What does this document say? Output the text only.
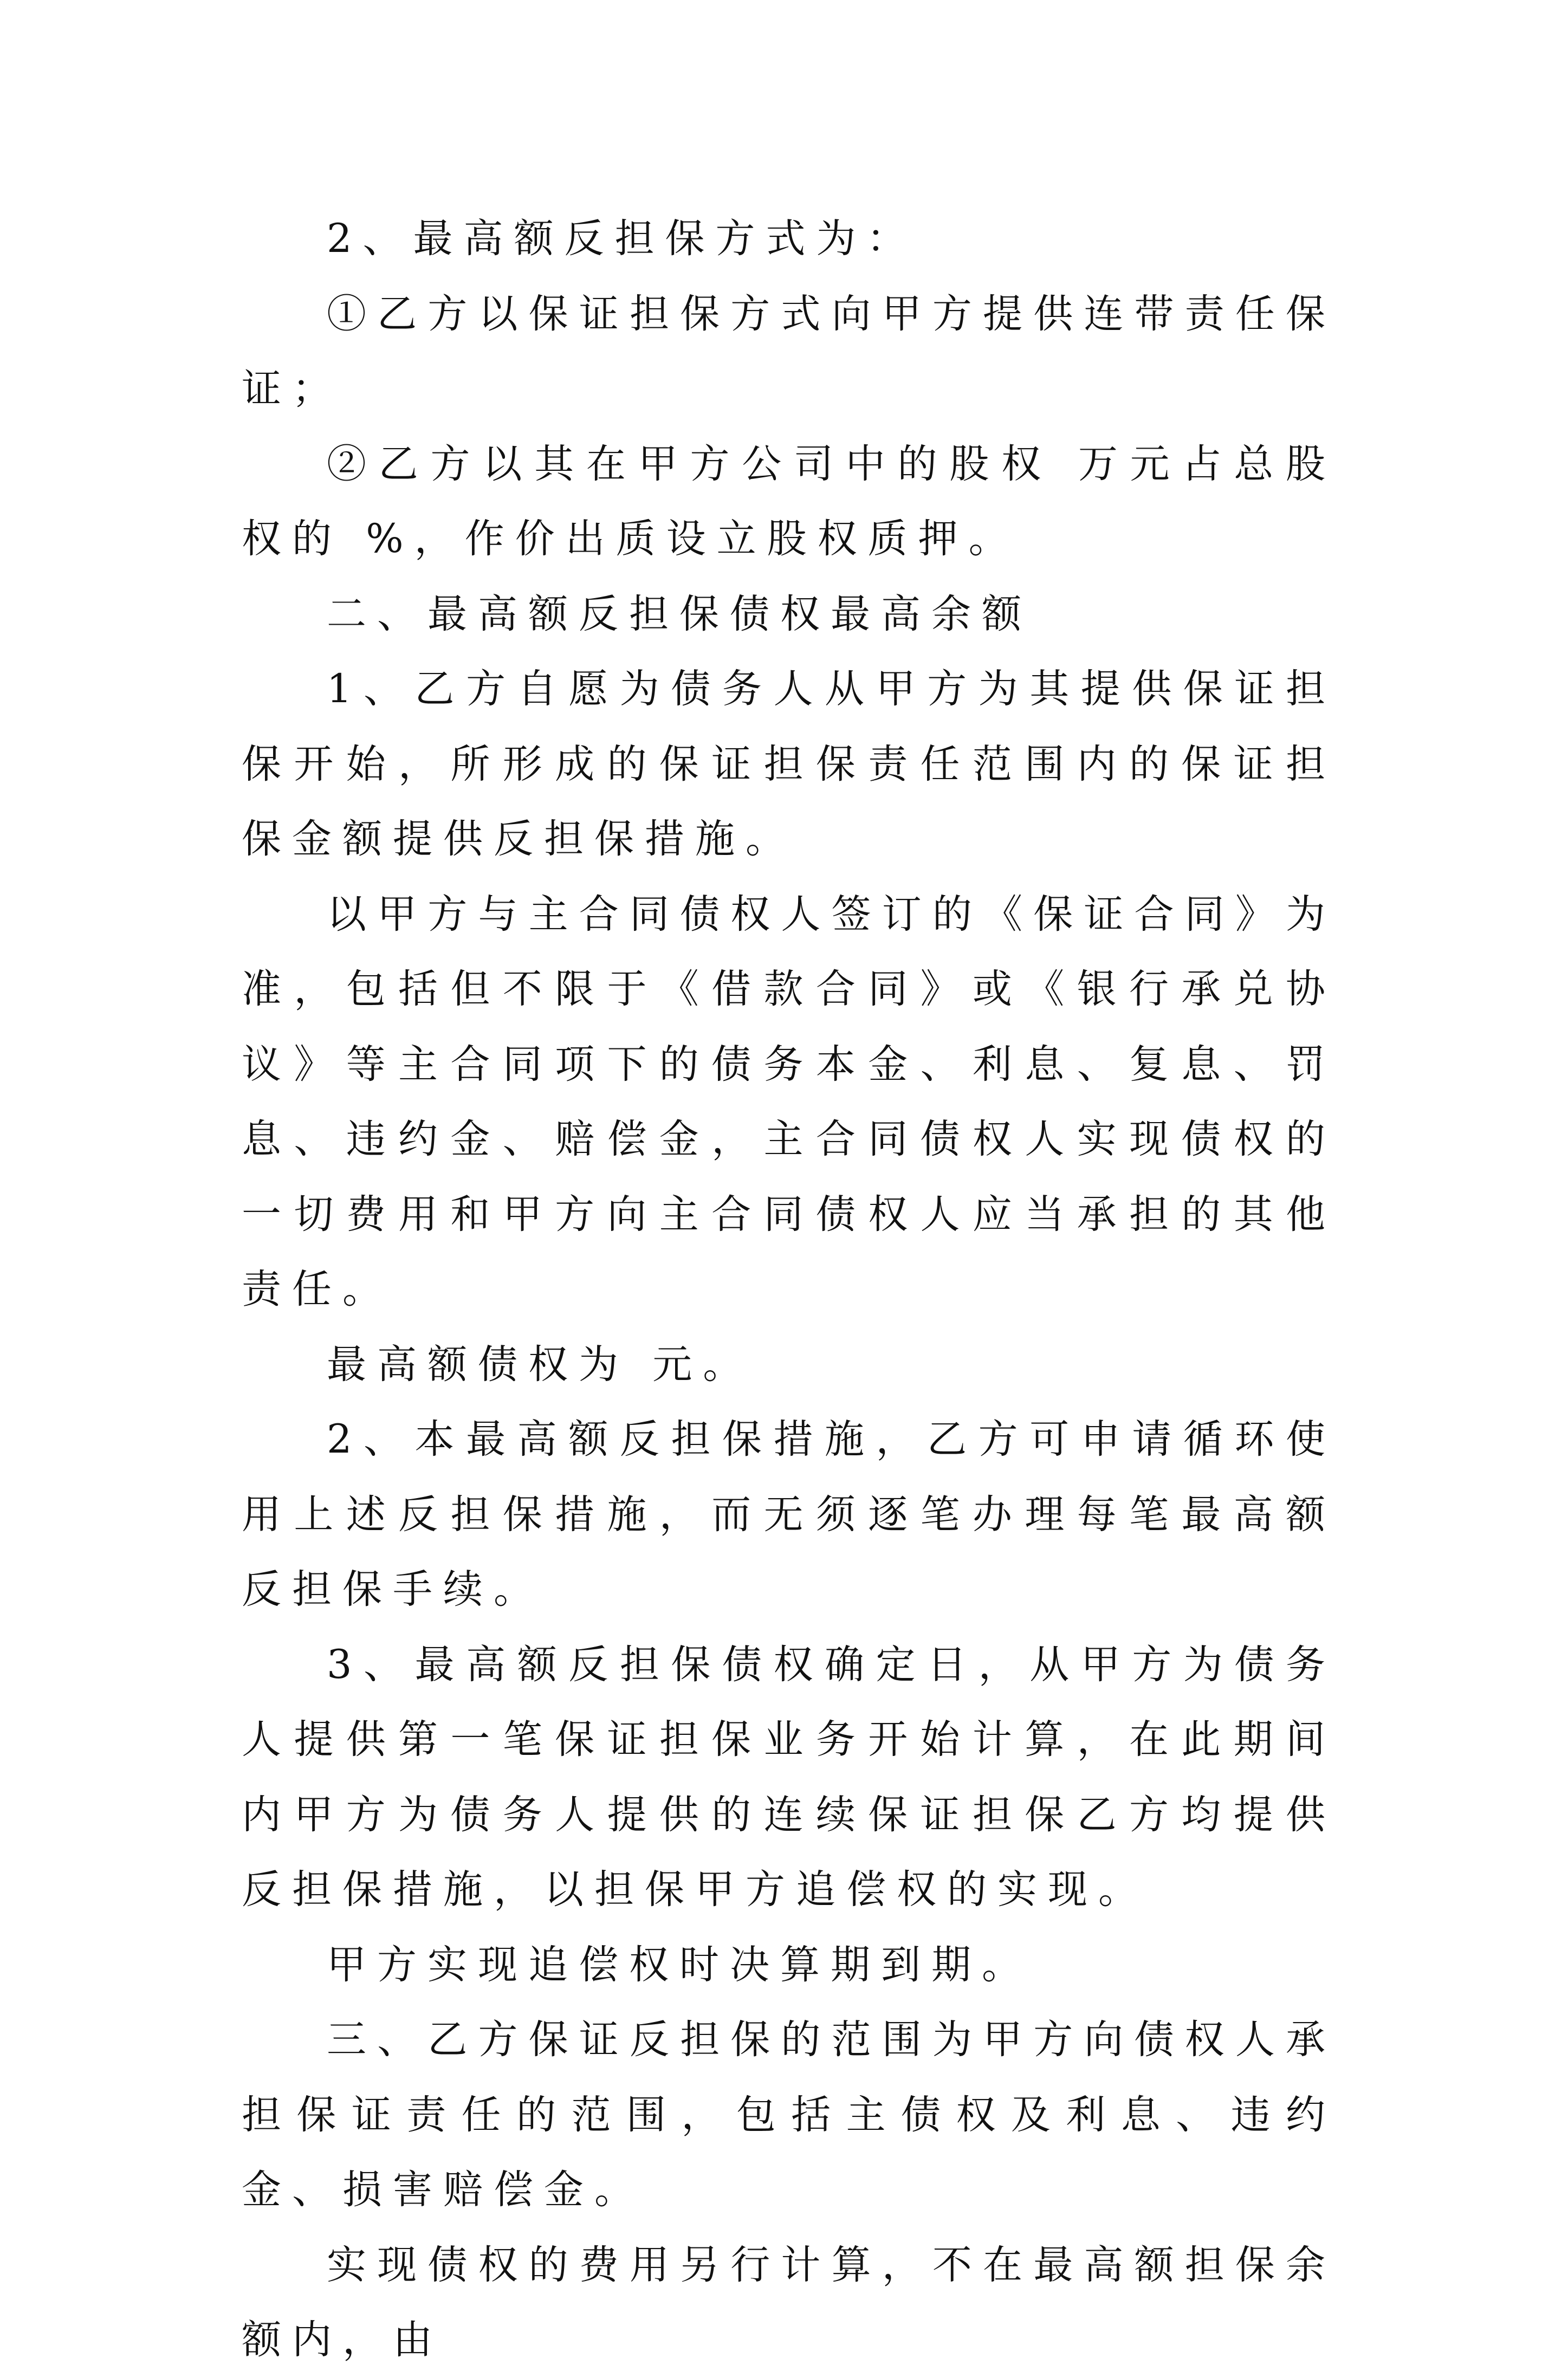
2、最高额反担保方式为：

①乙方以保证担保方式向甲方提供连带责任保证；

②乙方以其在甲方公司中的股权 万元占总股权的 %，作价出质设立股权质押。

二、最高额反担保债权最高余额

1、乙方自愿为债务人从甲方为其提供保证担保开始，所形成的保证担保责任范围内的保证担保金额提供反担保措施。

以甲方与主合同债权人签订的《保证合同》为准，包括但不限于《借款合同》或《银行承兑协议》等主合同项下的债务本金、利息、复息、罚息、违约金、赔偿金，主合同债权人实现债权的一切费用和甲方向主合同债权人应当承担的其他责任。

最高额债权为 元。

2、本最高额反担保措施，乙方可申请循环使用上述反担保措施，而无须逐笔办理每笔最高额反担保手续。

3、最高额反担保债权确定日，从甲方为债务人提供第一笔保证担保业务开始计算，在此期间内甲方为债务人提供的连续保证担保乙方均提供反担保措施，以担保甲方追偿权的实现。

甲方实现追偿权时决算期到期。

三、乙方保证反担保的范围为甲方向债权人承担保证责任的范围，包括主债权及利息、违约金、损害赔偿金。

实现债权的费用另行计算，不在最高额担保余额内，由
